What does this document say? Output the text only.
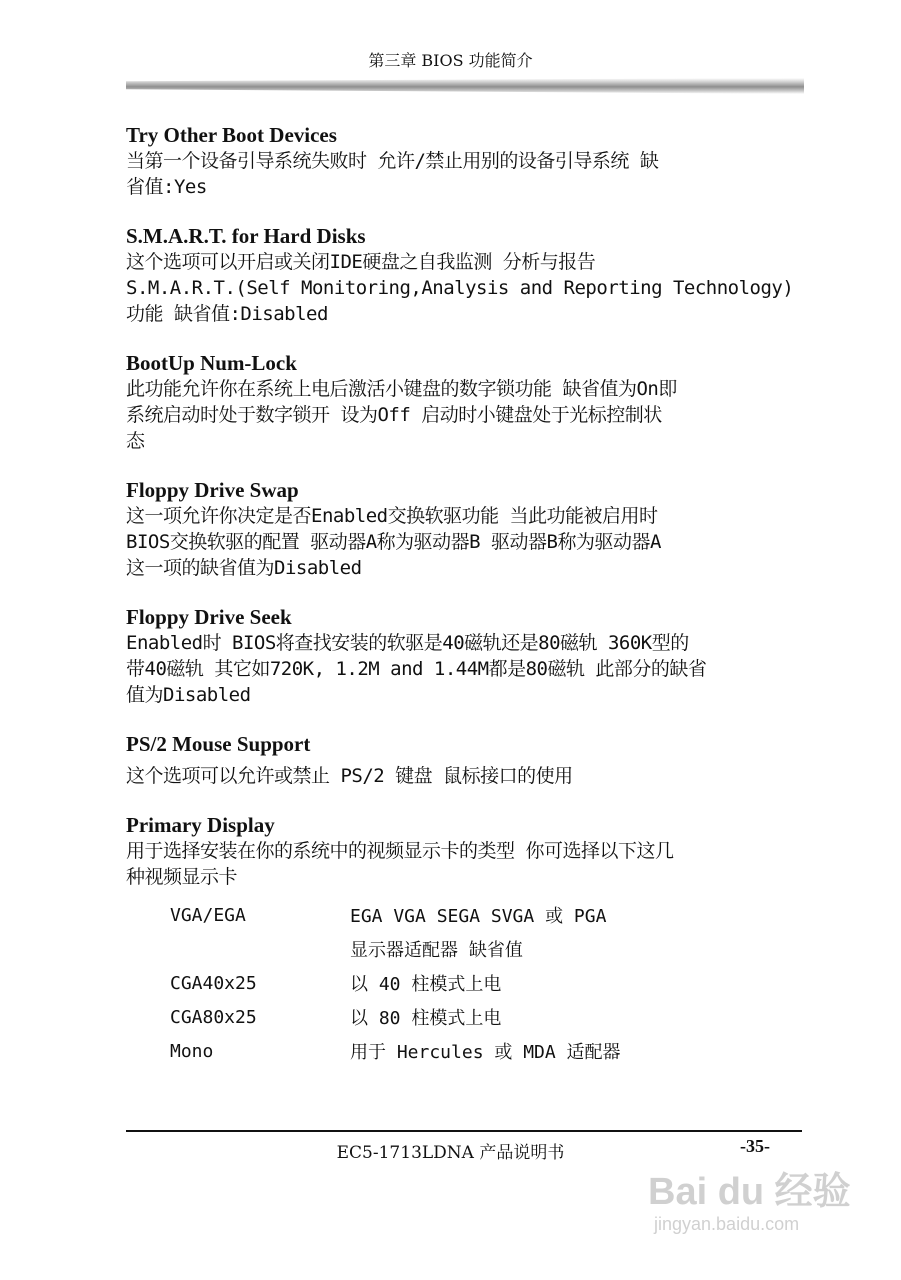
第三章 BIOS 功能简介
Try Other Boot Devices

当第一个设备引导系统失败时 允许/禁止用别的设备引导系统 缺

省值:Yes

S.M.A.R.T. for Hard Disks

这个选项可以开启或关闭IDE硬盘之自我监测 分析与报告

S.M.A.R.T.(Self Monitoring,Analysis and Reporting Technology)

功能 缺省值:Disabled

BootUp Num-Lock

此功能允许你在系统上电后激活小键盘的数字锁功能 缺省值为On即

系统启动时处于数字锁开 设为Off 启动时小键盘处于光标控制状

态

Floppy Drive Swap

这一项允许你决定是否Enabled交换软驱功能 当此功能被启用时

BIOS交换软驱的配置 驱动器A称为驱动器B 驱动器B称为驱动器A

这一项的缺省值为Disabled

Floppy Drive Seek

Enabled时 BIOS将查找安装的软驱是40磁轨还是80磁轨 360K型的

带40磁轨 其它如720K, 1.2M and 1.44M都是80磁轨 此部分的缺省

值为Disabled

PS/2 Mouse Support

这个选项可以允许或禁止 PS/2 键盘 鼠标接口的使用

Primary Display

用于选择安装在你的系统中的视频显示卡的类型 你可选择以下这几

种视频显示卡

VGA/EGA	EGA VGA SEGA SVGA 或 PGA
显示器适配器 缺省值
CGA40x25	以 40 柱模式上电
CGA80x25	以 80 柱模式上电
Mono	用于 Hercules 或 MDA 适配器
EC5-1713LDNA 产品说明书	-35-
Bai du 经验
jingyan.baidu.com
